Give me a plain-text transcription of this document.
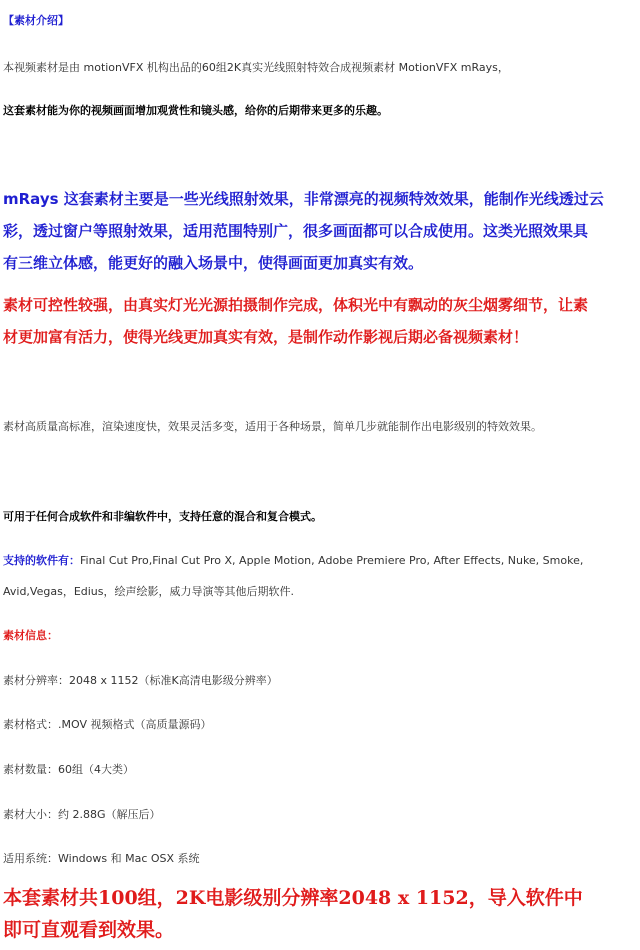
【素材介绍】
本视频素材是由 motionVFX 机构出品的60组2K真实光线照射特效合成视频素材 MotionVFX mRays，
这套素材能为你的视频画面增加观赏性和镜头感，给你的后期带来更多的乐趣。
mRays 这套素材主要是一些光线照射效果，非常漂亮的视频特效效果，能制作光线透过云
彩，透过窗户等照射效果，适用范围特别广，很多画面都可以合成使用。这类光照效果具
有三维立体感，能更好的融入场景中，使得画面更加真实有效。
素材可控性较强，由真实灯光光源拍摄制作完成，体积光中有飘动的灰尘烟雾细节，让素
材更加富有活力，使得光线更加真实有效，是制作动作影视后期必备视频素材！
素材高质量高标准，渲染速度快，效果灵活多变，适用于各种场景，简单几步就能制作出电影级别的特效效果。
可用于任何合成软件和非编软件中，支持任意的混合和复合模式。
支持的软件有：Final Cut Pro,Final Cut Pro X, Apple Motion, Adobe Premiere Pro, After Effects, Nuke, Smoke,
Avid,Vegas，Edius，绘声绘影，威力导演等其他后期软件.
素材信息：
素材分辨率：2048 x 1152（标准K高清电影级分辨率）
素材格式：.MOV 视频格式（高质量源码）
素材数量：60组（4大类）
素材大小：约 2.88G（解压后）
适用系统：Windows 和 Mac OSX 系统
本套素材共100组，2K电影级别分辨率2048 x 1152，导入软件中
即可直观看到效果。
